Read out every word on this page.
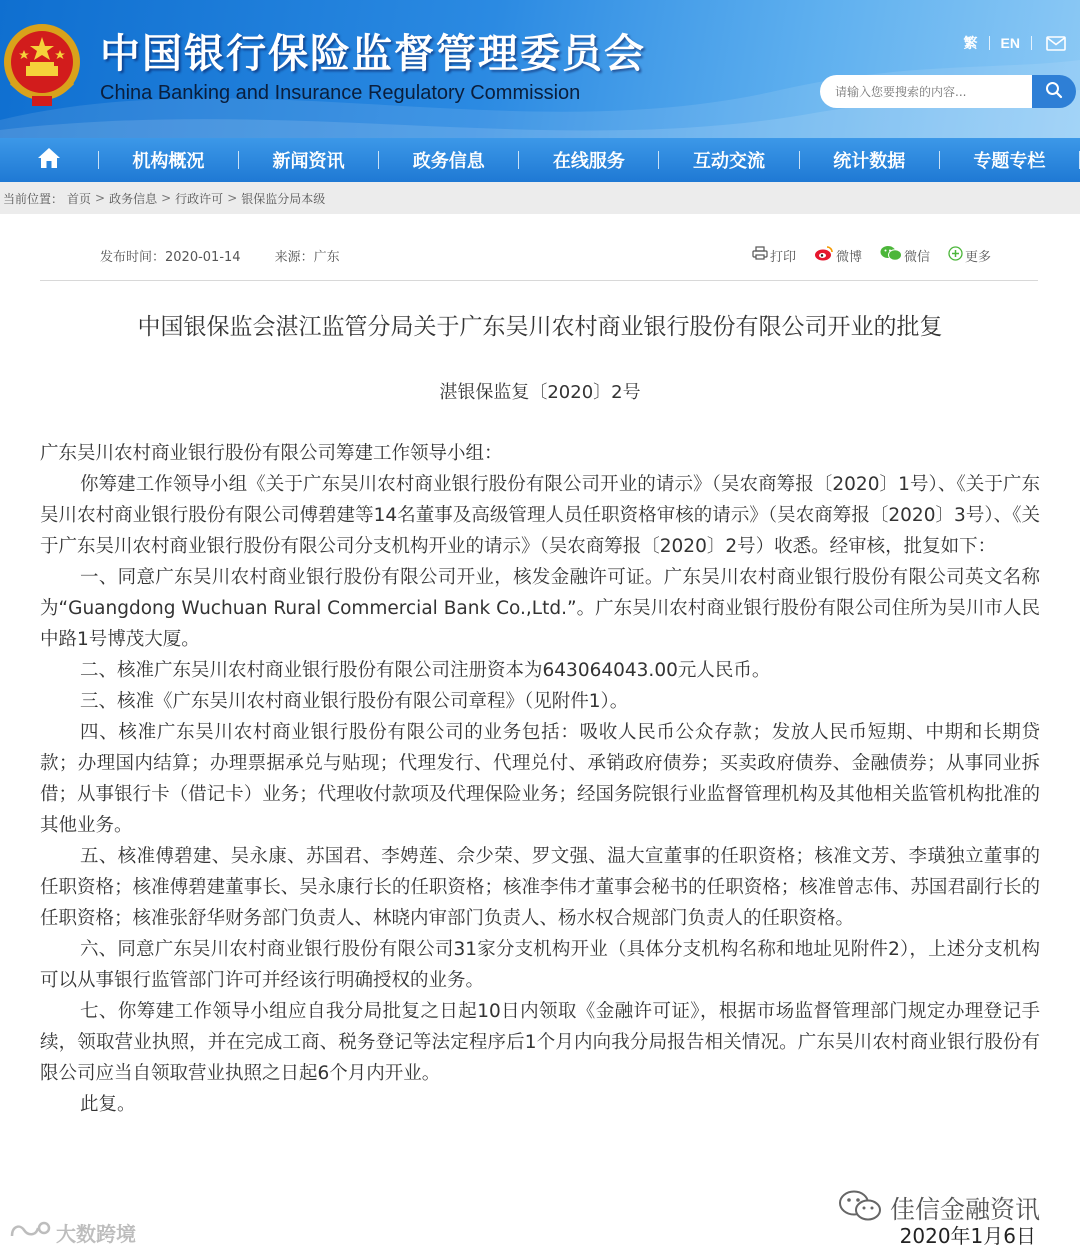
中国银行保险监督管理委员会
China Banking and Insurance Regulatory Commission
繁	EN
请输入您要搜索的内容...
机构概况	新闻资讯	政务信息	在线服务	互动交流	统计数据	专题专栏
当前位置： 首页 > 政务信息 > 行政许可 > 银保监分局本级
发布时间：2020-01-14	来源：广东	打印	微博	微信	更多
中国银保监会湛江监管分局关于广东吴川农村商业银行股份有限公司开业的批复
湛银保监复〔2020〕2号

广东吴川农村商业银行股份有限公司筹建工作领导小组：

你筹建工作领导小组《关于广东吴川农村商业银行股份有限公司开业的请示》（吴农商筹报〔2020〕1号）、《关于广东吴川农村商业银行股份有限公司傅碧建等14名董事及高级管理人员任职资格审核的请示》（吴农商筹报〔2020〕3号）、《关于广东吴川农村商业银行股份有限公司分支机构开业的请示》（吴农商筹报〔2020〕2号）收悉。经审核，批复如下：

一、同意广东吴川农村商业银行股份有限公司开业，核发金融许可证。广东吴川农村商业银行股份有限公司英文名称为“Guangdong Wuchuan Rural Commercial Bank Co.,Ltd.”。广东吴川农村商业银行股份有限公司住所为吴川市人民中路1号博茂大厦。

二、核准广东吴川农村商业银行股份有限公司注册资本为643064043.00元人民币。

三、核准《广东吴川农村商业银行股份有限公司章程》（见附件1）。

四、核准广东吴川农村商业银行股份有限公司的业务包括：吸收人民币公众存款；发放人民币短期、中期和长期贷款；办理国内结算；办理票据承兑与贴现；代理发行、代理兑付、承销政府债券；买卖政府债券、金融债券；从事同业拆借；从事银行卡（借记卡）业务；代理收付款项及代理保险业务；经国务院银行业监督管理机构及其他相关监管机构批准的其他业务。

五、核准傅碧建、吴永康、苏国君、李娉莲、佘少荣、罗文强、温大宣董事的任职资格；核准文芳、李璜独立董事的任职资格；核准傅碧建董事长、吴永康行长的任职资格；核准李伟才董事会秘书的任职资格；核准曾志伟、苏国君副行长的任职资格；核准张舒华财务部门负责人、林晓内审部门负责人、杨水权合规部门负责人的任职资格。

六、同意广东吴川农村商业银行股份有限公司31家分支机构开业（具体分支机构名称和地址见附件2），上述分支机构可以从事银行监管部门许可并经该行明确授权的业务。

七、你筹建工作领导小组应自我分局批复之日起10日内领取《金融许可证》，根据市场监督管理部门规定办理登记手续，领取营业执照，并在完成工商、税务登记等法定程序后1个月内向我分局报告相关情况。广东吴川农村商业银行股份有限公司应当自领取营业执照之日起6个月内开业。

此复。

佳信金融资讯
2020年1月6日
大数跨境
